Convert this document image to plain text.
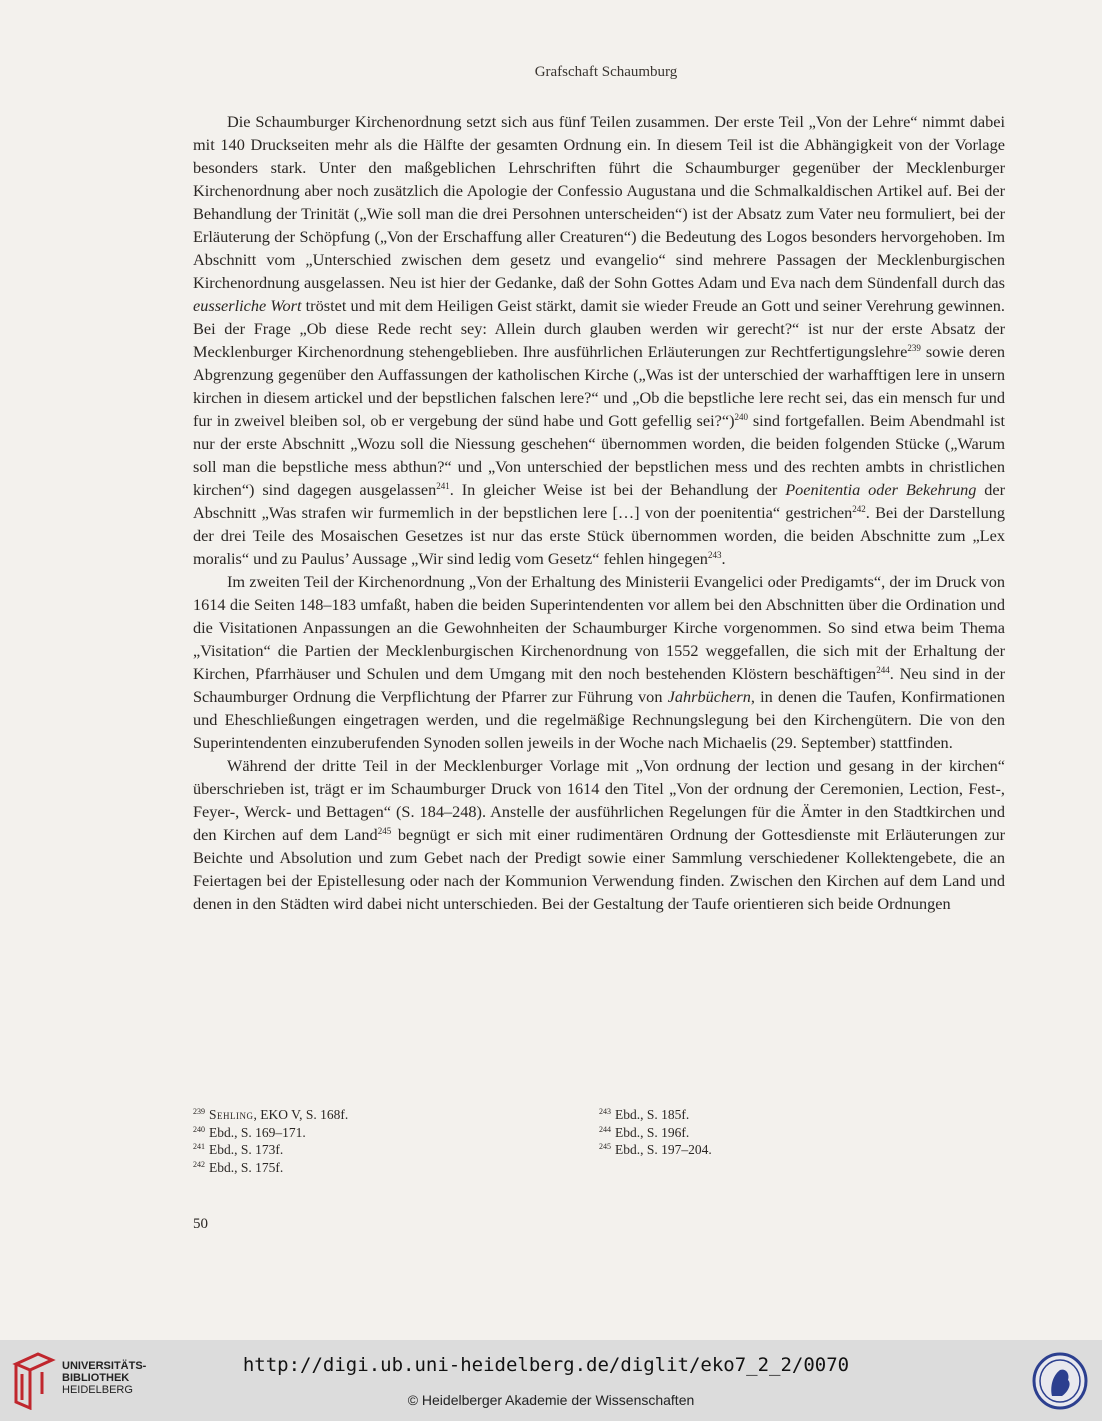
Grafschaft Schaumburg

Die Schaumburger Kirchenordnung setzt sich aus fünf Teilen zusammen. Der erste Teil „Von der Lehre“ nimmt dabei mit 140 Druckseiten mehr als die Hälfte der gesamten Ordnung ein. In diesem Teil ist die Abhängigkeit von der Vorlage besonders stark. Unter den maßgeblichen Lehrschriften führt die Schaumburger gegenüber der Mecklenburger Kirchenordnung aber noch zusätzlich die Apologie der Confessio Augustana und die Schmalkaldischen Artikel auf. Bei der Behandlung der Trinität („Wie soll man die drei Persohnen unterscheiden“) ist der Absatz zum Vater neu formuliert, bei der Erläuterung der Schöpfung („Von der Erschaffung aller Creaturen“) die Bedeutung des Logos besonders hervorgehoben. Im Abschnitt vom „Unterschied zwischen dem gesetz und evangelio“ sind mehrere Passagen der Mecklenburgischen Kirchenordnung ausgelassen. Neu ist hier der Gedanke, daß der Sohn Gottes Adam und Eva nach dem Sündenfall durch das eusserliche Wort tröstet und mit dem Heiligen Geist stärkt, damit sie wieder Freude an Gott und seiner Verehrung gewinnen. Bei der Frage „Ob diese Rede recht sey: Allein durch glauben werden wir gerecht?“ ist nur der erste Absatz der Mecklenburger Kirchenordnung stehengeblieben. Ihre ausführlichen Erläuterungen zur Rechtfertigungslehre$^{239}$ sowie deren Abgrenzung gegenüber den Auffassungen der katholischen Kirche („Was ist der unterschied der warhafftigen lere in unsern kirchen in diesem artickel und der bepstlichen falschen lere?“ und „Ob die bepstliche lere recht sei, das ein mensch fur und fur in zweivel bleiben sol, ob er vergebung der sünd habe und Gott gefellig sei?“)$^{240}$ sind fortgefallen. Beim Abendmahl ist nur der erste Abschnitt „Wozu soll die Niessung geschehen“ übernommen worden, die beiden folgenden Stücke („Warum soll man die bepstliche mess abthun?“ und „Von unterschied der bepstlichen mess und des rechten ambts in christlichen kirchen“) sind dagegen ausgelassen$^{241}$. In gleicher Weise ist bei der Behandlung der Poenitentia oder Bekehrung der Abschnitt „Was strafen wir furmemlich in der bepstlichen lere […] von der poenitentia“ gestrichen$^{242}$. Bei der Darstellung der drei Teile des Mosaischen Gesetzes ist nur das erste Stück übernommen worden, die beiden Abschnitte zum „Lex moralis“ und zu Paulus’ Aussage „Wir sind ledig vom Gesetz“ fehlen hingegen$^{243}$.

Im zweiten Teil der Kirchenordnung „Von der Erhaltung des Ministerii Evangelici oder Predigamts“, der im Druck von 1614 die Seiten 148–183 umfaßt, haben die beiden Superintendenten vor allem bei den Abschnitten über die Ordination und die Visitationen Anpassungen an die Gewohnheiten der Schaumburger Kirche vorgenommen. So sind etwa beim Thema „Visitation“ die Partien der Mecklenburgischen Kirchenordnung von 1552 weggefallen, die sich mit der Erhaltung der Kirchen, Pfarrhäuser und Schulen und dem Umgang mit den noch bestehenden Klöstern beschäftigen$^{244}$. Neu sind in der Schaumburger Ordnung die Verpflichtung der Pfarrer zur Führung von Jahrbüchern, in denen die Taufen, Konfirmationen und Eheschließungen eingetragen werden, und die regelmäßige Rechnungslegung bei den Kirchengütern. Die von den Superintendenten einzuberufenden Synoden sollen jeweils in der Woche nach Michaelis (29. September) stattfinden.

Während der dritte Teil in der Mecklenburger Vorlage mit „Von ordnung der lection und gesang in der kirchen“ überschrieben ist, trägt er im Schaumburger Druck von 1614 den Titel „Von der ordnung der Ceremonien, Lection, Fest-, Feyer-, Werck- und Bettagen“ (S. 184–248). Anstelle der ausführlichen Regelungen für die Ämter in den Stadtkirchen und den Kirchen auf dem Land$^{245}$ begnügt er sich mit einer rudimentären Ordnung der Gottesdienste mit Erläuterungen zur Beichte und Absolution und zum Gebet nach der Predigt sowie einer Sammlung verschiedener Kollektengebete, die an Feiertagen bei der Epistellesung oder nach der Kommunion Verwendung finden. Zwischen den Kirchen auf dem Land und denen in den Städten wird dabei nicht unterschieden. Bei der Gestaltung der Taufe orientieren sich beide Ordnungen

$^{239}$ Sehling, EKO V, S. 168f.
$^{240}$ Ebd., S. 169–171.
$^{241}$ Ebd., S. 173f.
$^{242}$ Ebd., S. 175f.
$^{243}$ Ebd., S. 185f.
$^{244}$ Ebd., S. 196f.
$^{245}$ Ebd., S. 197–204.
50
UNIVERSITÄTS-
BIBLIOTHEK
HEIDELBERG
http://digi.ub.uni-heidelberg.de/diglit/eko7_2_2/0070
© Heidelberger Akademie der Wissenschaften
